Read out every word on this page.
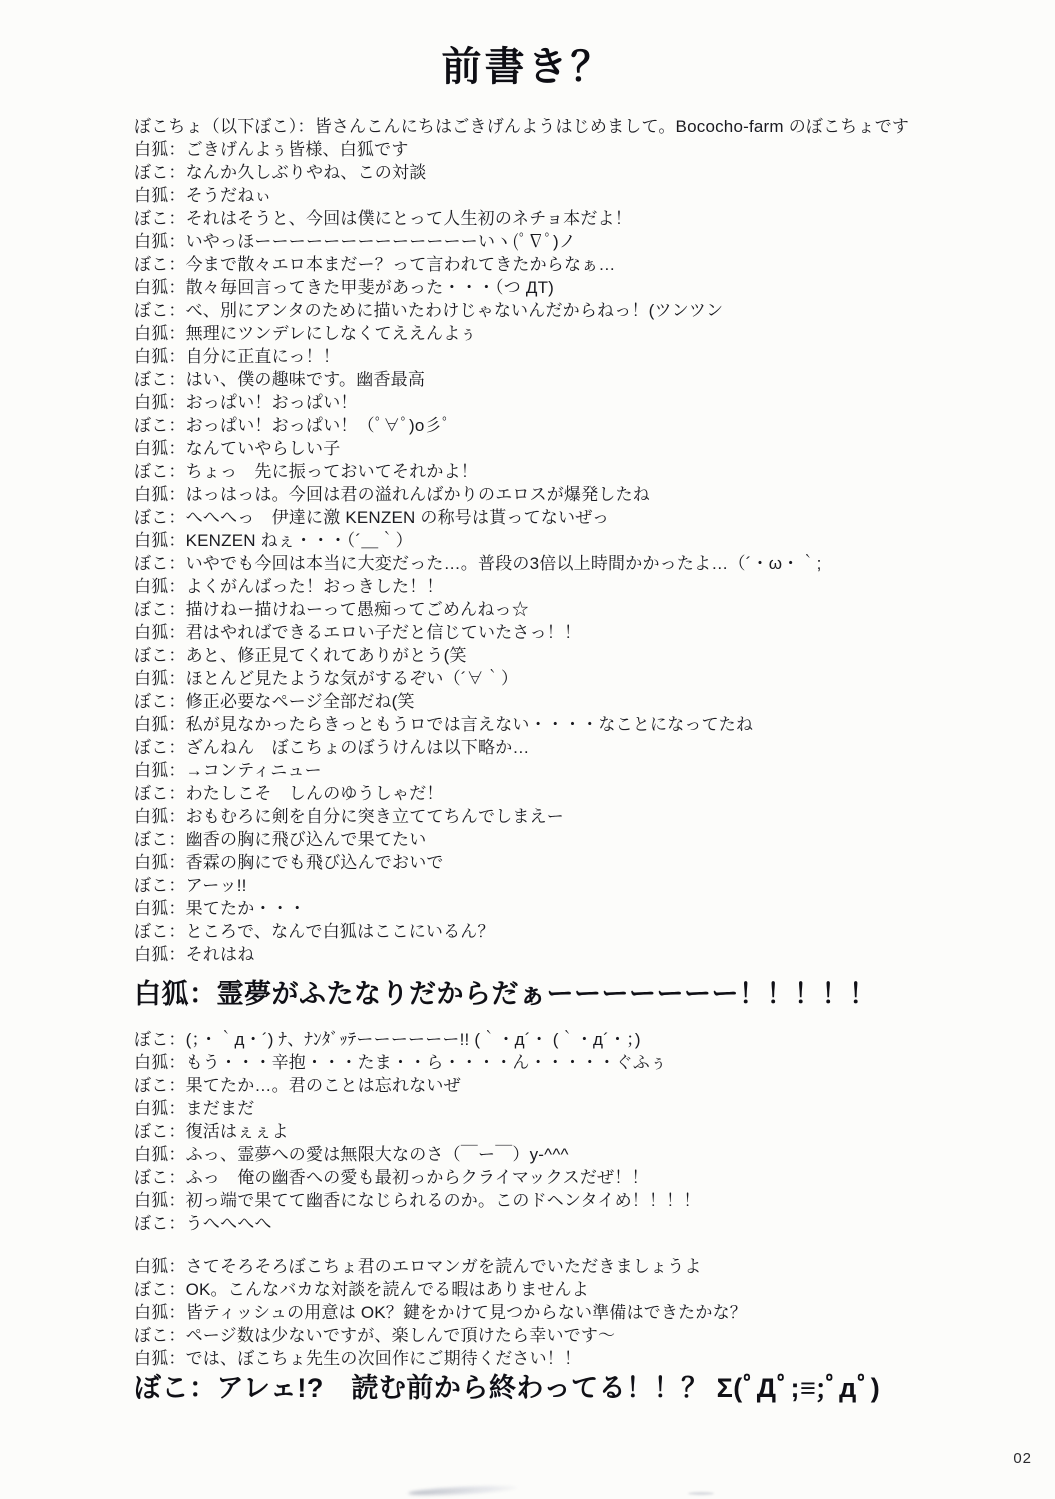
前書き？
ぼこちょ（以下ぼこ）：皆さんこんにちはごきげんようはじめまして。Bococho-farm のぼこちょです
白狐：ごきげんよぅ皆様、白狐です
ぼこ：なんか久しぶりやね、この対談
白狐：そうだねぃ
ぼこ：それはそうと、今回は僕にとって人生初のネチョ本だよ！
白狐：いやっほーーーーーーーーーーーーーいヽ(ﾟ∇ﾟ)ノ
ぼこ：今まで散々エロ本まだー？って言われてきたからなぁ…
白狐：散々毎回言ってきた甲斐があった・・・（つ ДT)
ぼこ：べ、別にアンタのために描いたわけじゃないんだからねっ！(ツンツン
白狐：無理にツンデレにしなくてええんよぅ
白狐：自分に正直にっ！！
ぼこ：はい、僕の趣味です。幽香最高
白狐：おっぱい！おっぱい！
ぼこ：おっぱい！おっぱい！（ﾟ∀ﾟ)o彡ﾟ
白狐：なんていやらしい子
ぼこ：ちょっ　先に振っておいてそれかよ！
白狐：はっはっは。今回は君の溢れんばかりのエロスが爆発したね
ぼこ：へへへっ　伊達に激 KENZEN の称号は貰ってないぜっ
白狐：KENZEN ねぇ・・・（´＿｀）
ぼこ：いやでも今回は本当に大変だった…。普段の3倍以上時間かかったよ…（´・ω・｀;
白狐：よくがんばった！おっきした！！
ぼこ：描けねー描けねーって愚痴ってごめんねっ☆
白狐：君はやればできるエロい子だと信じていたさっ！！
ぼこ：あと、修正見てくれてありがとう(笑
白狐：ほとんど見たような気がするぞい（´∀｀）
ぼこ：修正必要なページ全部だね(笑
白狐：私が見なかったらきっともうロでは言えない・・・・なことになってたね
ぼこ：ざんねん　ぼこちょのぼうけんは以下略か…
白狐：→コンティニュー
ぼこ：わたしこそ　しんのゆうしゃだ！
白狐：おもむろに剣を自分に突き立ててちんでしまえー
ぼこ：幽香の胸に飛び込んで果てたい
白狐：香霖の胸にでも飛び込んでおいで
ぼこ：アーッ!!
白狐：果てたか・・・
ぼこ：ところで、なんで白狐はここにいるん？
白狐：それはね
白狐：霊夢がふたなりだからだぁーーーーーーー！！！！！
ぼこ：(；・｀д・´) ﾅ、ﾅﾝﾀﾞｯﾃーーーーーー!! (｀・д´・ (｀・д´・；)
白狐：もう・・・辛抱・・・たま・・ら・・・・ん・・・・・ぐふぅ
ぼこ：果てたか…。君のことは忘れないぜ
白狐：まだまだ
ぼこ：復活はぇぇよ
白狐：ふっ、霊夢への愛は無限大なのさ（￣ー￣）y-^^^
ぼこ：ふっ　俺の幽香への愛も最初っからクライマックスだぜ！！
白狐：初っ端で果てて幽香になじられるのか。このドヘンタイめ！！！！
ぼこ：うへへへへ
白狐：さてそろそろぼこちょ君のエロマンガを読んでいただきましょうよ
ぼこ：OK。こんなバカな対談を読んでる暇はありませんよ
白狐：皆ティッシュの用意は OK？鍵をかけて見つからない準備はできたかな？
ぼこ：ページ数は少ないですが、楽しんで頂けたら幸いです～
白狐：では、ぼこちょ先生の次回作にご期待ください！！
ぼこ：アレェ!?　読む前から終わってる！！？ Σ(ﾟДﾟ;≡;ﾟдﾟ)
02
